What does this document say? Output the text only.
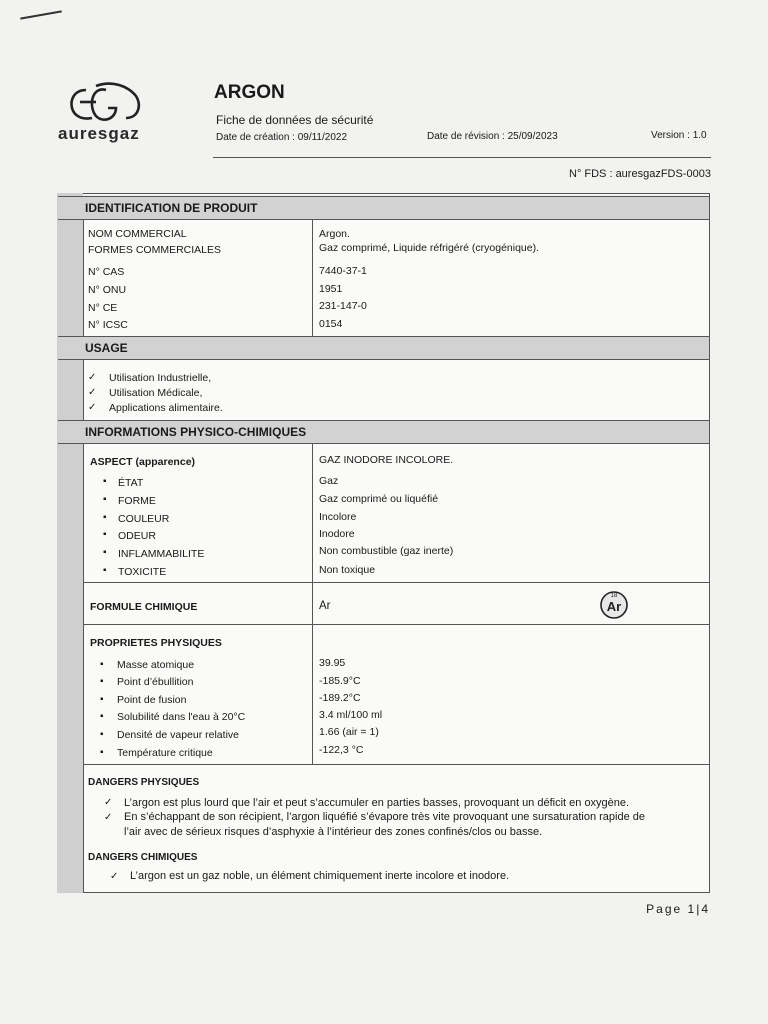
auresgaz
ARGON
Fiche de données de sécurité
Date de création : 09/11/2022	Date de révision : 25/09/2023	Version : 1.0
N° FDS : auresgazFDS-0003
IDENTIFICATION DE PRODUIT
NOM COMMERCIAL	Argon.
FORMES COMMERCIALES	Gaz comprimé, Liquide réfrigéré (cryogénique).
N° CAS	7440-37-1
N° ONU	1951
N° CE	231-147-0
N° ICSC	0154
USAGE
✓ Utilisation Industrielle,
✓ Utilisation Médicale,
✓ Applications alimentaire.
INFORMATIONS PHYSICO-CHIMIQUES
ASPECT (apparence)	GAZ INODORE INCOLORE.
▪ ÉTAT	Gaz
▪ FORME	Gaz comprimé ou liquéfié
▪ COULEUR	Incolore
▪ ODEUR	Inodore
▪ INFLAMMABILITE	Non combustible (gaz inerte)
▪ TOXICITE	Non toxique
FORMULE CHIMIQUE	Ar
18
Ar
PROPRIETES PHYSIQUES
▪ Masse atomique	39.95
▪ Point d’ébullition	-185.9°C
▪ Point de fusion	-189.2°C
▪ Solubilité dans l'eau à 20°C	3.4 ml/100 ml
▪ Densité de vapeur relative	1.66 (air = 1)
▪ Température critique	-122,3 °C
DANGERS PHYSIQUES
✓ L’argon est plus lourd que l’air et peut s’accumuler en parties basses, provoquant un déficit en oxygène.
✓ En s’échappant de son récipient, l’argon liquéfié s’évapore très vite provoquant une sursaturation rapide de
l’air avec de sérieux risques d’asphyxie à l’intérieur des zones confinés/clos ou basse.
DANGERS CHIMIQUES
✓ L’argon est un gaz noble, un élément chimiquement inerte incolore et inodore.
Page 1|4
